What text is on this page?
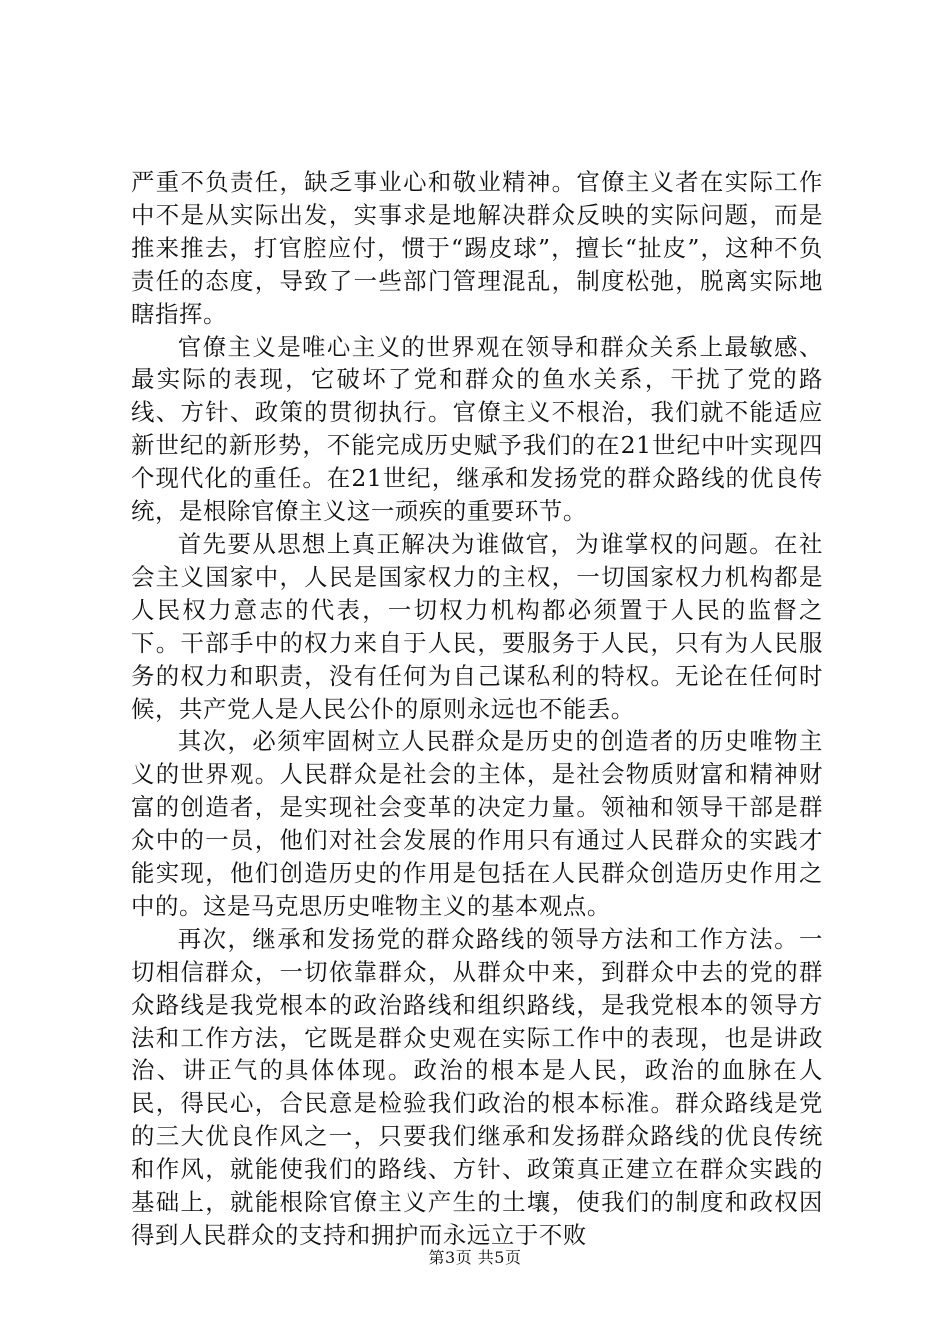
严重不负责任，缺乏事业心和敬业精神。官僚主义者在实际工作中不是从实际出发，实事求是地解决群众反映的实际问题，而是推来推去，打官腔应付，惯于“踢皮球”，擅长“扯皮”，这种不负责任的态度，导致了一些部门管理混乱，制度松弛，脱离实际地瞎指挥。

官僚主义是唯心主义的世界观在领导和群众关系上最敏感、最实际的表现，它破坏了党和群众的鱼水关系，干扰了党的路线、方针、政策的贯彻执行。官僚主义不根治，我们就不能适应新世纪的新形势，不能完成历史赋予我们的在21世纪中叶实现四个现代化的重任。在21世纪，继承和发扬党的群众路线的优良传统，是根除官僚主义这一顽疾的重要环节。

首先要从思想上真正解决为谁做官，为谁掌权的问题。在社会主义国家中，人民是国家权力的主权，一切国家权力机构都是人民权力意志的代表，一切权力机构都必须置于人民的监督之下。干部手中的权力来自于人民，要服务于人民，只有为人民服务的权力和职责，没有任何为自己谋私利的特权。无论在任何时候，共产党人是人民公仆的原则永远也不能丢。

其次，必须牢固树立人民群众是历史的创造者的历史唯物主义的世界观。人民群众是社会的主体，是社会物质财富和精神财富的创造者，是实现社会变革的决定力量。领袖和领导干部是群众中的一员，他们对社会发展的作用只有通过人民群众的实践才能实现，他们创造历史的作用是包括在人民群众创造历史作用之中的。这是马克思历史唯物主义的基本观点。

再次，继承和发扬党的群众路线的领导方法和工作方法。一切相信群众，一切依靠群众，从群众中来，到群众中去的党的群众路线是我党根本的政治路线和组织路线，是我党根本的领导方法和工作方法，它既是群众史观在实际工作中的表现，也是讲政治、讲正气的具体体现。政治的根本是人民，政治的血脉在人民，得民心，合民意是检验我们政治的根本标准。群众路线是党的三大优良作风之一，只要我们继承和发扬群众路线的优良传统和作风，就能使我们的路线、方针、政策真正建立在群众实践的基础上，就能根除官僚主义产生的土壤，使我们的制度和政权因得到人民群众的支持和拥护而永远立于不败

第3页 共5页
